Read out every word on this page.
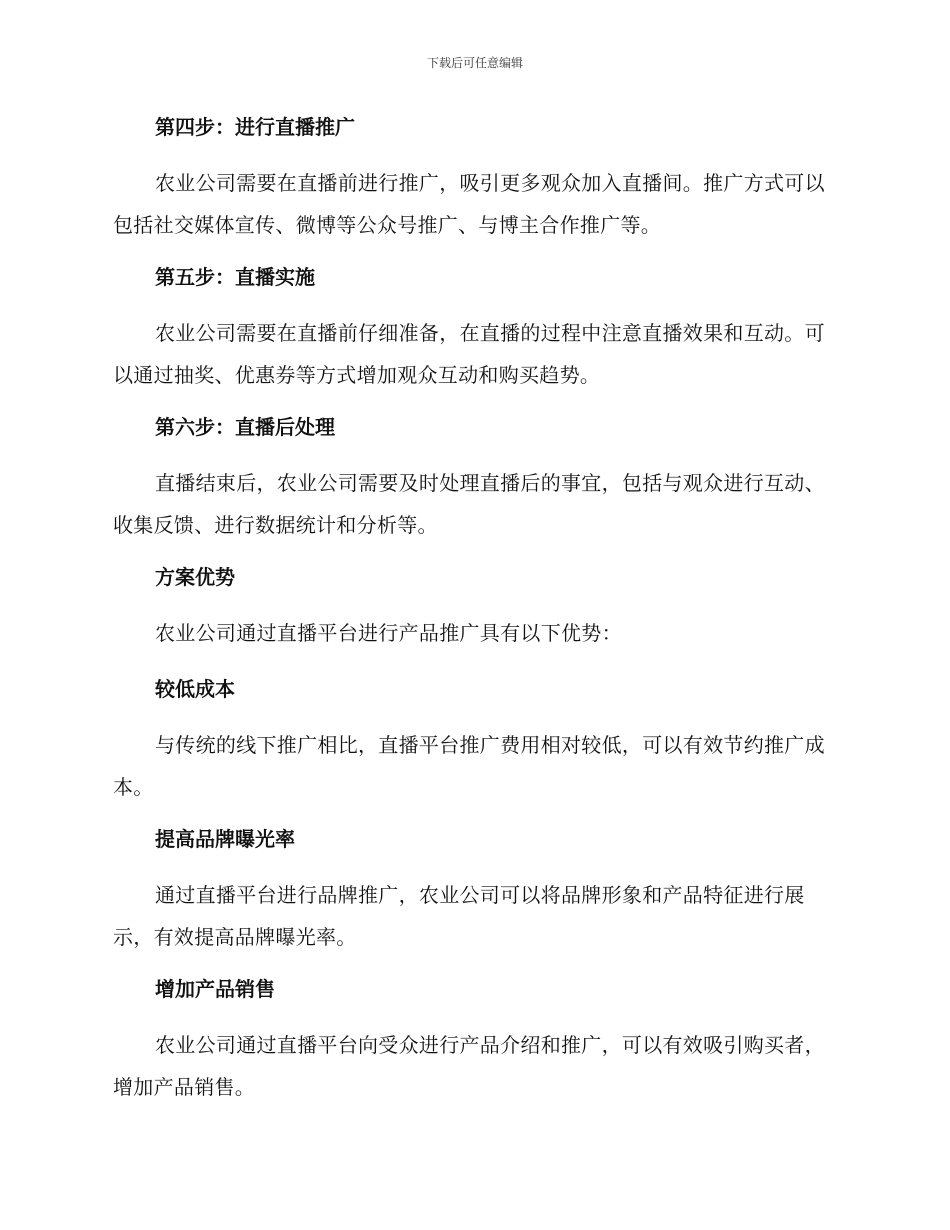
下载后可任意编辑
第四步：进行直播推广
农业公司需要在直播前进行推广，吸引更多观众加入直播间。推广方式可以包括社交媒体宣传、微博等公众号推广、与博主合作推广等。
第五步：直播实施
农业公司需要在直播前仔细准备，在直播的过程中注意直播效果和互动。可以通过抽奖、优惠券等方式增加观众互动和购买趋势。
第六步：直播后处理
直播结束后，农业公司需要及时处理直播后的事宜，包括与观众进行互动、收集反馈、进行数据统计和分析等。
方案优势
农业公司通过直播平台进行产品推广具有以下优势：
较低成本
与传统的线下推广相比，直播平台推广费用相对较低，可以有效节约推广成本。
提高品牌曝光率
通过直播平台进行品牌推广，农业公司可以将品牌形象和产品特征进行展示，有效提高品牌曝光率。
增加产品销售
农业公司通过直播平台向受众进行产品介绍和推广，可以有效吸引购买者，增加产品销售。
